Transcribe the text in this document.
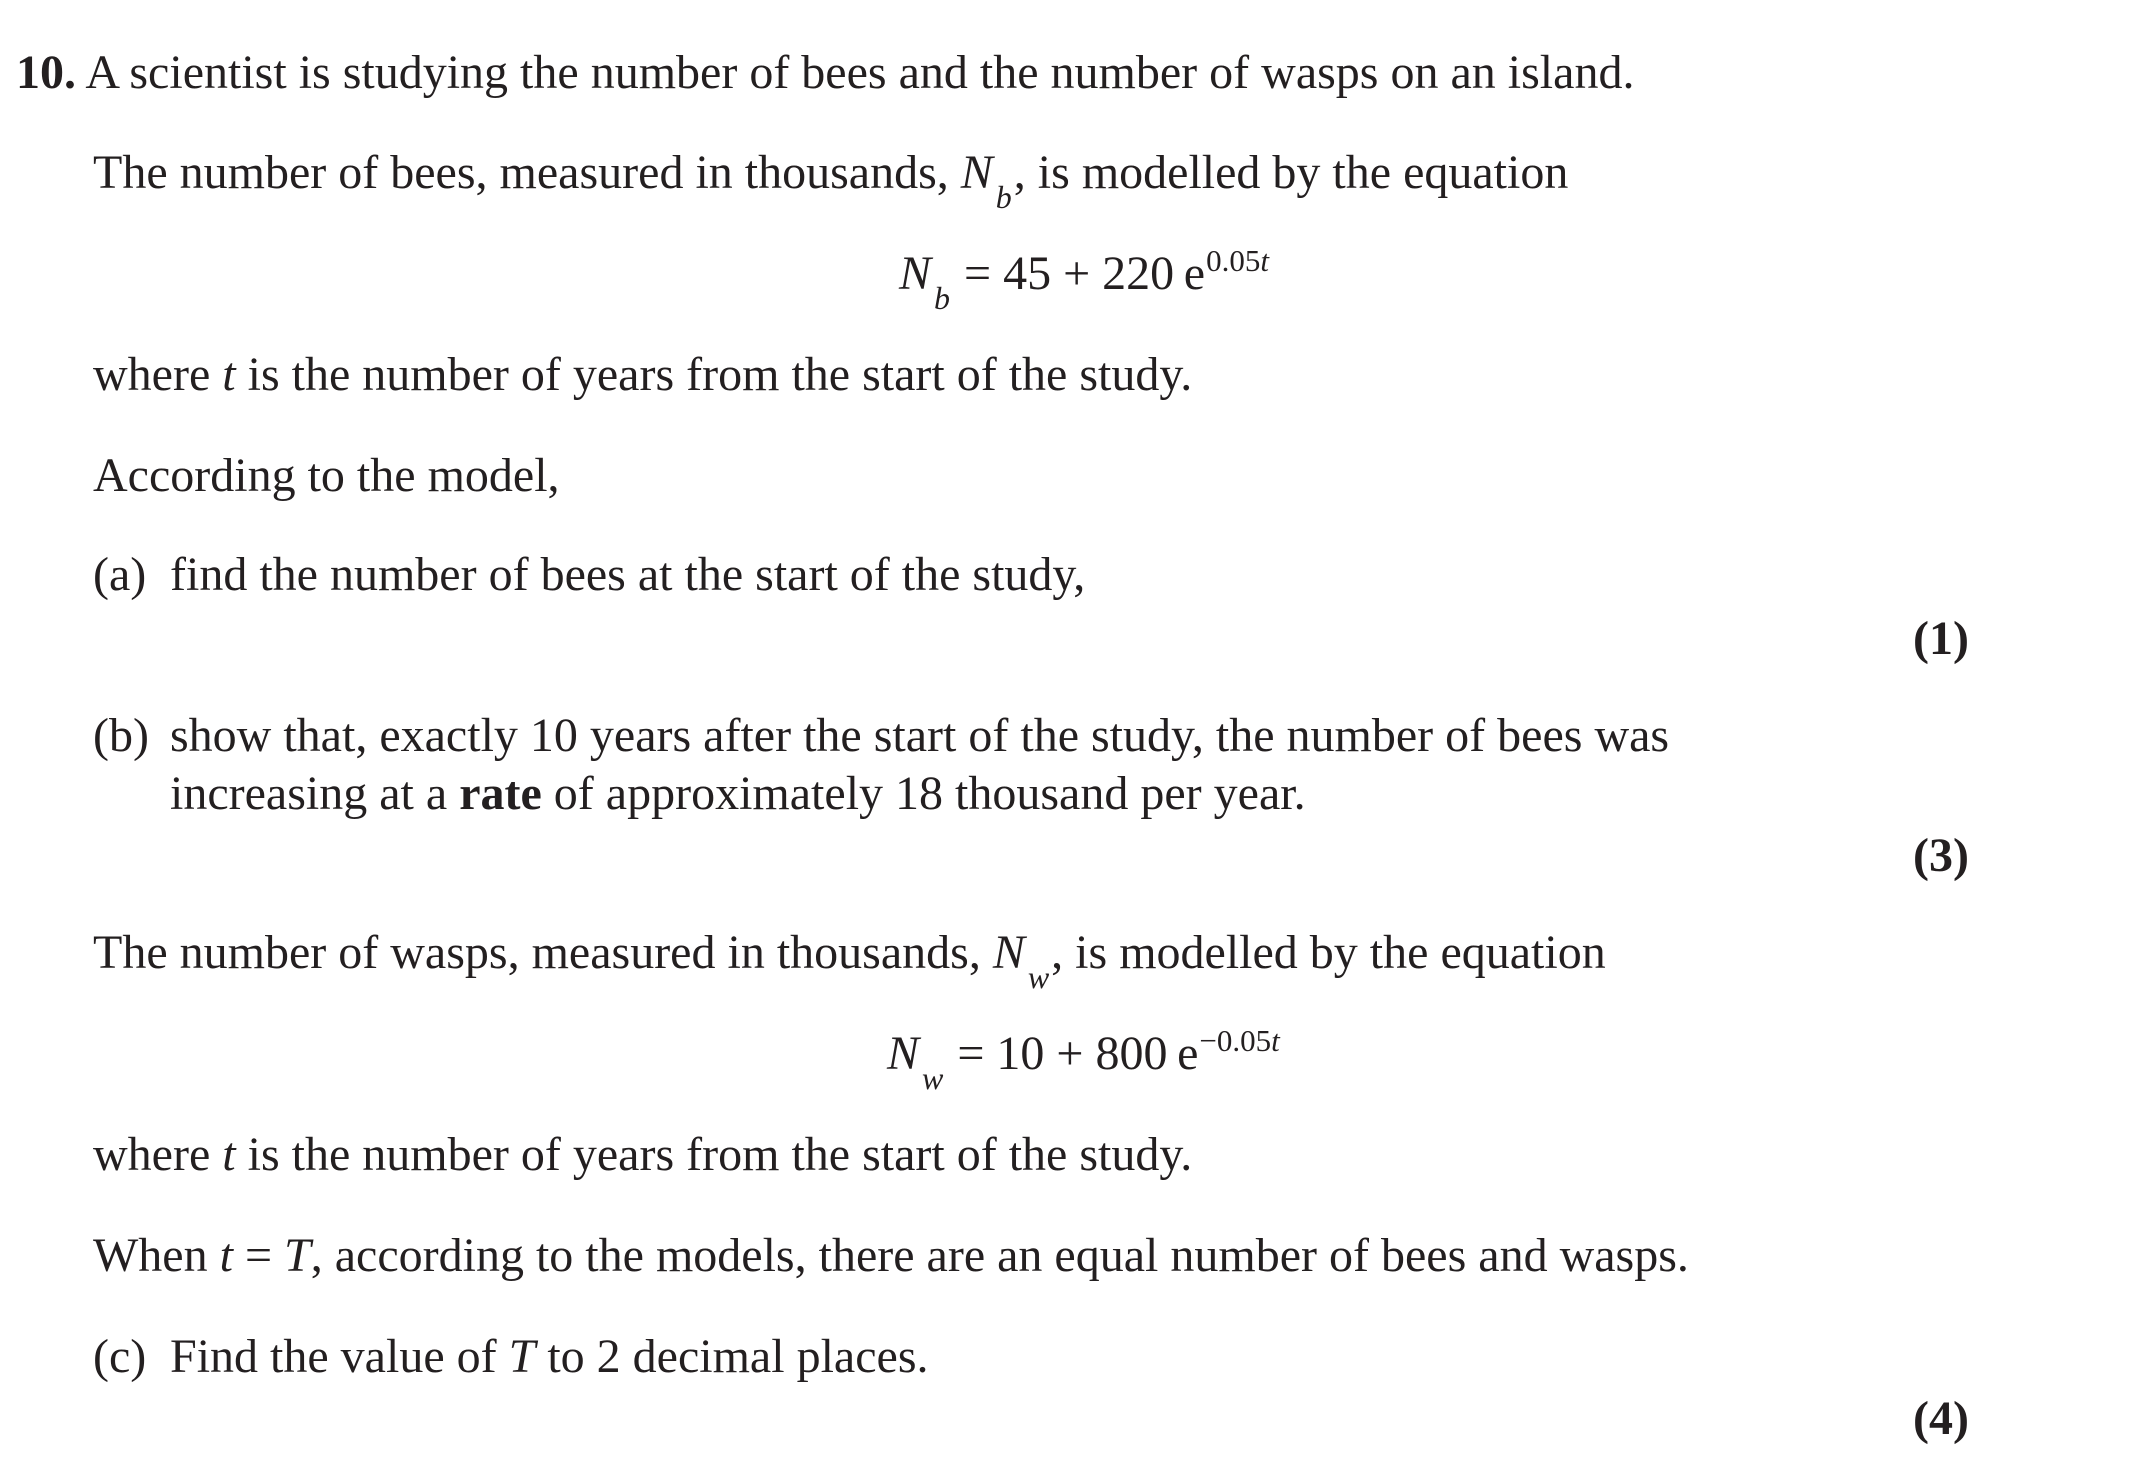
10. A scientist is studying the number of bees and the number of wasps on an island.
The number of bees, measured in thousands, $N_b$, is modelled by the equation
$N_b = 45 + 220$ $e^{0.05t}$
where t is the number of years from the start of the study.
According to the model,
(a) find the number of bees at the start of the study,
(1)
(b) show that, exactly 10 years after the start of the study, the number of bees was
increasing at a rate of approximately 18 thousand per year.
(3)
The number of wasps, measured in thousands, $N_w$, is modelled by the equation
$N_w = 10 + 800$ $e^{-0.05t}$
where t is the number of years from the start of the study.
When t = T, according to the models, there are an equal number of bees and wasps.
(c) Find the value of T to 2 decimal places.
(4)
